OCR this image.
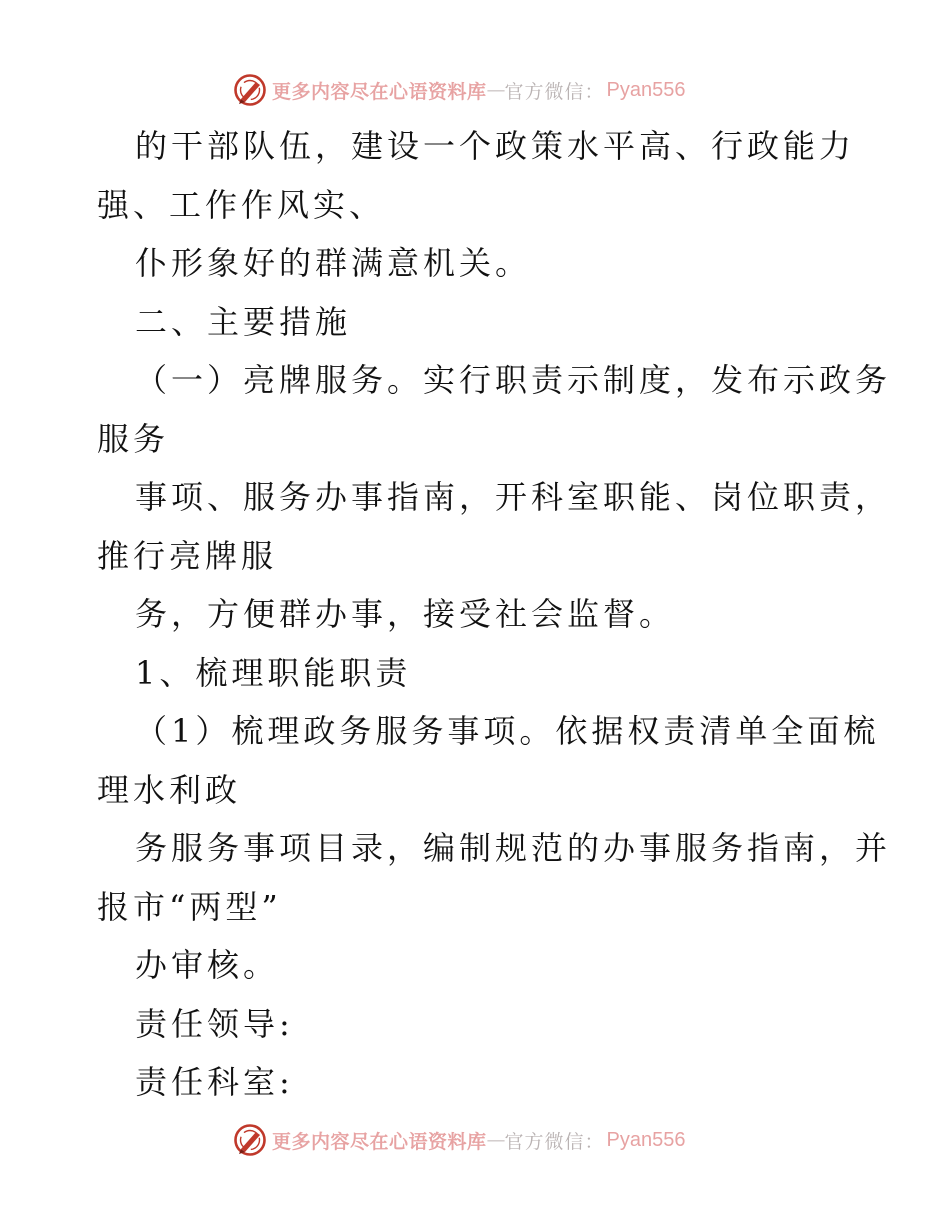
更多内容尽在心语资料库 — 官方微信： Pyan556
的干部队伍，建设一个政策水平高、行政能力
强、工作作风实、
仆形象好的群满意机关。
二、主要措施
（一）亮牌服务。实行职责示制度，发布示政务
服务
事项、服务办事指南，开科室职能、岗位职责，
推行亮牌服
务，方便群办事，接受社会监督。
1、梳理职能职责
（1）梳理政务服务事项。依据权责清单全面梳
理水利政
务服务事项目录，编制规范的办事服务指南，并
报市“两型”
办审核。
责任领导:
责任科室:
更多内容尽在心语资料库 — 官方微信： Pyan556
